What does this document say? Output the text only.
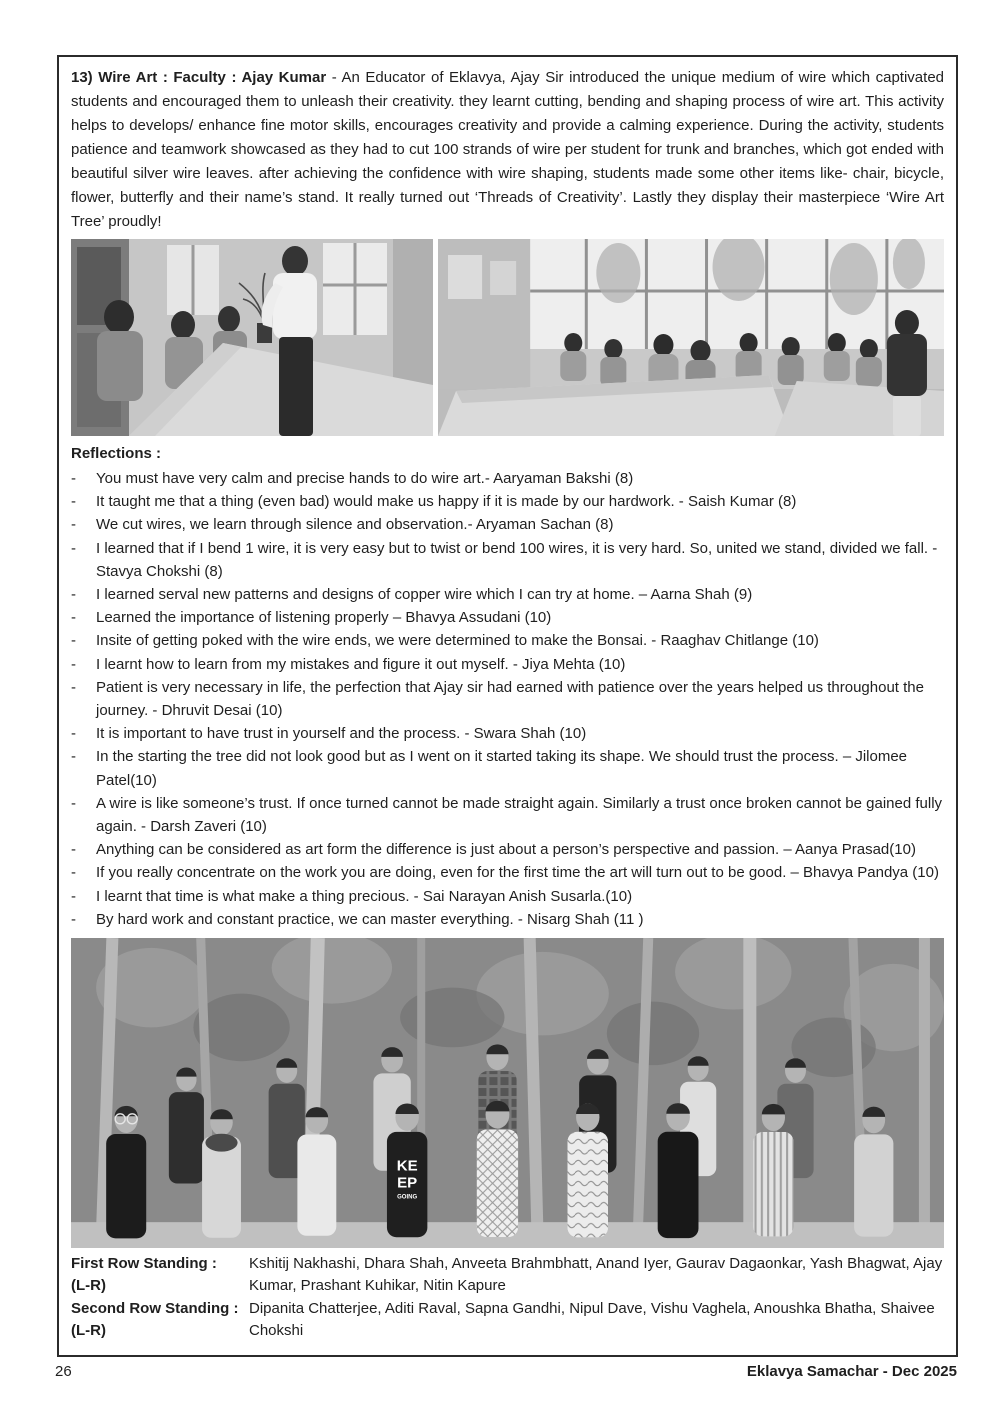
13) Wire Art : Faculty : Ajay Kumar - An Educator of Eklavya, Ajay Sir introduced the unique medium of wire which captivated students and encouraged them to unleash their creativity. they learnt cutting, bending and shaping process of wire art. This activity helps to develops/ enhance fine motor skills, encourages creativity and provide a calming experience. During the activity, students patience and teamwork showcased as they had to cut 100 strands of wire per student for trunk and branches, which got ended with beautiful silver wire leaves. after achieving the confidence with wire shaping, students made some other items like- chair, bicycle, flower, butterfly and their name’s stand. It really turned out ‘Threads of Creativity’. Lastly they display their masterpiece ‘Wire Art Tree’ proudly!

Reflections :
-	You must have very calm and precise hands to do wire art.- Aaryaman Bakshi (8)
-	It taught me that a thing (even bad) would make us happy if it is made by our hardwork. - Saish Kumar (8)
-	We cut wires, we learn through silence and observation.- Aryaman Sachan (8)
-	I learned that if I bend 1 wire, it is very easy but to twist or bend 100 wires, it is very hard. So, united we stand, divided we fall. - Stavya Chokshi (8)
-	I learned serval new patterns and designs of copper wire which I can try at home. – Aarna Shah (9)
-	Learned the importance of listening properly – Bhavya Assudani (10)
-	Insite of getting poked with the wire ends, we were determined to make the Bonsai. - Raaghav Chitlange (10)
-	I learnt how to learn from my mistakes and figure it out myself. - Jiya Mehta (10)
-	Patient is very necessary in life, the perfection that Ajay sir had earned with patience over the years helped us throughout the journey. - Dhruvit Desai (10)
-	It is important to have trust in yourself and the process. - Swara Shah (10)
-	In the starting the tree did not look good but as I went on it started taking its shape. We should trust the process. – Jilomee Patel(10)
-	A wire is like someone’s trust. If once turned cannot be made straight again. Similarly a trust once broken cannot be gained fully again. - Darsh Zaveri (10)
-	Anything can be considered as art form the difference is just about a person’s perspective and passion. – Aanya Prasad(10)
-	If you really concentrate on the work you are doing, even for the first time the art will turn out to be good. – Bhavya Pandya (10)
-	I learnt that time is what make a thing precious. - Sai Narayan Anish Susarla.(10)
-	By hard work and constant practice, we can master everything. - Nisarg Shah (11 )
KE
EP
GOING
First Row Standing :
(L-R)
Kshitij Nakhashi, Dhara Shah, Anveeta Brahmbhatt, Anand Iyer, Gaurav Dagaonkar, Yash Bhagwat, Ajay Kumar, Prashant Kuhikar, Nitin Kapure
Second Row Standing :
(L-R)
Dipanita Chatterjee, Aditi Raval, Sapna Gandhi, Nipul Dave, Vishu Vaghela, Anoushka Bhatha, Shaivee Chokshi
26	Eklavya Samachar - Dec 2025
